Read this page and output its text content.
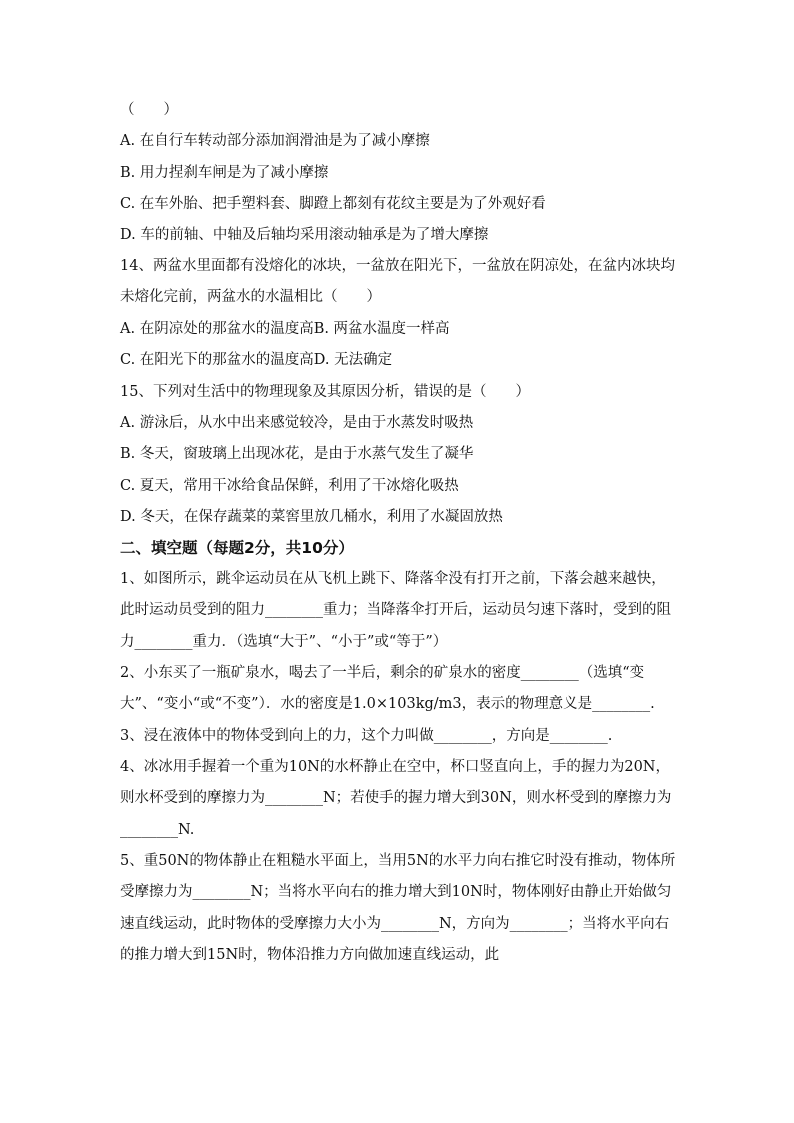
（　　）
A. 在自行车转动部分添加润滑油是为了减小摩擦
B. 用力捏刹车闸是为了减小摩擦
C. 在车外胎、把手塑料套、脚蹬上都刻有花纹主要是为了外观好看
D. 车的前轴、中轴及后轴均采用滚动轴承是为了增大摩擦
14、两盆水里面都有没熔化的冰块，一盆放在阳光下，一盆放在阴凉处，在盆内冰块均未熔化完前，两盆水的水温相比（　　）
A. 在阴凉处的那盆水的温度高B. 两盆水温度一样高
C. 在阳光下的那盆水的温度高D. 无法确定
15、下列对生活中的物理现象及其原因分析，错误的是（　　）
A. 游泳后，从水中出来感觉较冷，是由于水蒸发时吸热
B. 冬天，窗玻璃上出现冰花，是由于水蒸气发生了凝华
C. 夏天，常用干冰给食品保鲜，利用了干冰熔化吸热
D. 冬天，在保存蔬菜的菜窖里放几桶水，利用了水凝固放热
二、填空题（每题2分，共10分）
1、如图所示，跳伞运动员在从飞机上跳下、降落伞没有打开之前，下落会越来越快，此时运动员受到的阻力________重力；当降落伞打开后，运动员匀速下落时，受到的阻力________重力．（选填“大于”、“小于”或“等于”）
2、小东买了一瓶矿泉水，喝去了一半后，剩余的矿泉水的密度________（选填“变大”、“变小“或“不变”）．水的密度是1.0×103kg/m3，表示的物理意义是________.
3、浸在液体中的物体受到向上的力，这个力叫做________，方向是________.
4、冰冰用手握着一个重为10N的水杯静止在空中，杯口竖直向上，手的握力为20N，则水杯受到的摩擦力为________N；若使手的握力增大到30N，则水杯受到的摩擦力为________N.
5、重50N的物体静止在粗糙水平面上，当用5N的水平力向右推它时没有推动，物体所受摩擦力为________N；当将水平向右的推力增大到10N时，物体刚好由静止开始做匀速直线运动，此时物体的受摩擦力大小为________N，方向为________；当将水平向右的推力增大到15N时，物体沿推力方向做加速直线运动，此
